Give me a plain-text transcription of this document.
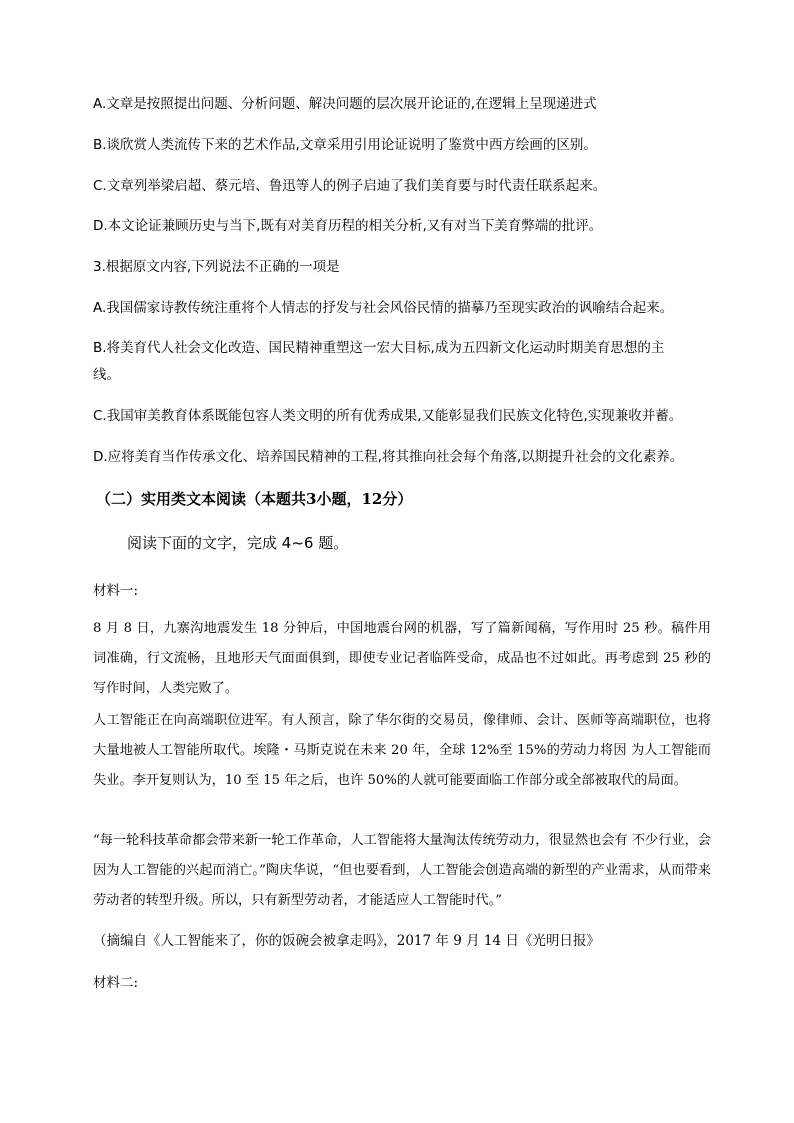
A.文章是按照提出问题、分析问题、解决问题的层次展开论证的,在逻辑上呈现递进式
B.谈欣赏人类流传下来的艺术作品,文章采用引用论证说明了鉴赏中西方绘画的区别。
C.文章列举梁启超、蔡元培、鲁迅等人的例子启迪了我们美育要与时代责任联系起来。
D.本文论证兼顾历史与当下,既有对美育历程的相关分析,又有对当下美育弊端的批评。
3.根据原文内容,下列说法不正确的一项是
A.我国儒家诗教传统注重将个人情志的抒发与社会风俗民情的描摹乃至现实政治的讽喻结合起来。
B.将美育代人社会文化改造、国民精神重塑这一宏大目标,成为五四新文化运动时期美育思想的主
线。
C.我国审美教育体系既能包容人类文明的所有优秀成果,又能彰显我们民族文化特色,实现兼收并蓄。
D.应将美育当作传承文化、培养国民精神的工程,将其推向社会每个角落,以期提升社会的文化素养。
（二）实用类文本阅读（本题共3小题，12分）
阅读下面的文字，完成 4~6 题。
材料一:
8 月 8 日，九寨沟地震发生 18 分钟后，中国地震台网的机器，写了篇新闻稿，写作用时 25 秒。稿件用词准确，行文流畅，且地形天气面面俱到，即使专业记者临阵受命，成品也不过如此。再考虑到 25 秒的写作时间，人类完败了。
人工智能正在向高端职位进军。有人预言，除了华尔街的交易员，像律师、会计、医师等高端职位，也将大量地被人工智能所取代。埃隆・马斯克说在未来 20 年，全球 12%至 15%的劳动力将因 为人工智能而失业。李开复则认为，10 至 15 年之后，也许 50%的人就可能要面临工作部分或全部被取代的局面。
“每一轮科技革命都会带来新一轮工作革命，人工智能将大量淘汰传统劳动力，很显然也会有 不少行业，会因为人工智能的兴起而消亡。”陶庆华说，“但也要看到，人工智能会创造高端的新型的产业需求，从而带来劳动者的转型升级。所以，只有新型劳动者，才能适应人工智能时代。”
（摘编自《人工智能来了，你的饭碗会被拿走吗》，2017 年 9 月 14 日《光明日报》
材料二:
